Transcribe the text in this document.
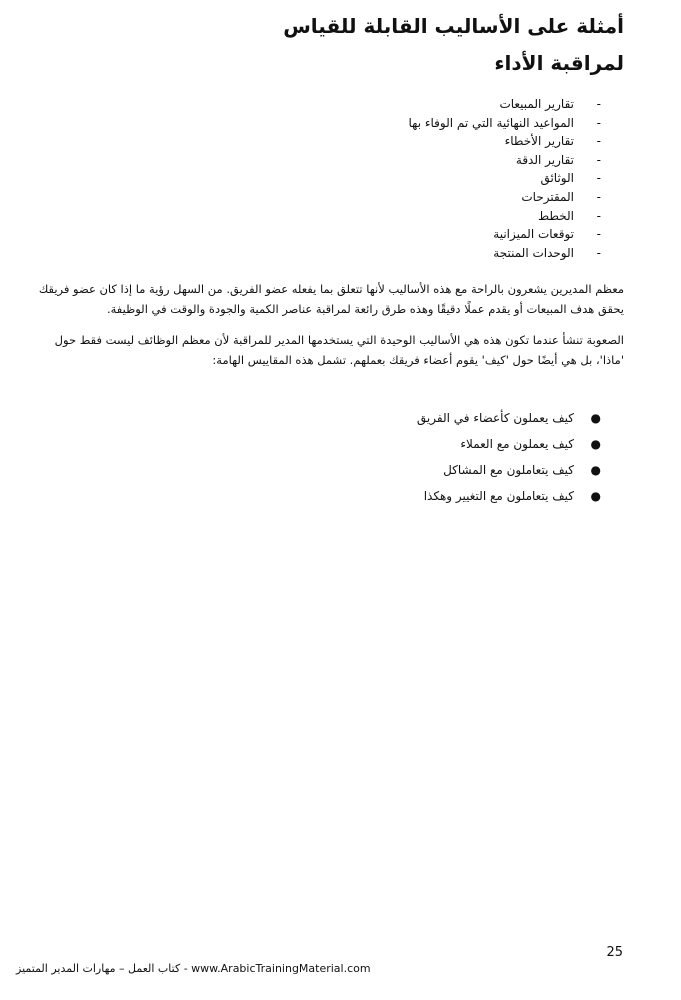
أمثلة على الأساليب القابلة للقياس
لمراقبة الأداء
-
تقارير المبيعات
-
المواعيد النهائية التي تم الوفاء بها
-
تقارير الأخطاء
-
تقارير الدقة
-
الوثائق
-
المقترحات
-
الخطط
-
توقعات الميزانية
-
الوحدات المنتجة

معظم المديرين يشعرون بالراحة مع هذه الأساليب لأنها تتعلق بما يفعله عضو الفريق. من السهل رؤية ما إذا كان عضو فريقك يحقق هدف المبيعات أو يقدم عملًا دقيقًا وهذه طرق رائعة لمراقبة عناصر الكمية والجودة والوقت في الوظيفة.

الصعوبة تنشأ عندما تكون هذه هي الأساليب الوحيدة التي يستخدمها المدير للمراقبة لأن معظم الوظائف ليست فقط حول 'ماذا'، بل هي أيضًا حول 'كيف' يقوم أعضاء فريقك بعملهم. تشمل هذه المقاييس الهامة:

●
كيف يعملون كأعضاء في الفريق
●
كيف يعملون مع العملاء
●
كيف يتعاملون مع المشاكل
●
كيف يتعاملون مع التغيير وهكذا
25
كتاب العمل – مهارات المدير المتميز - www.ArabicTrainingMaterial.com
